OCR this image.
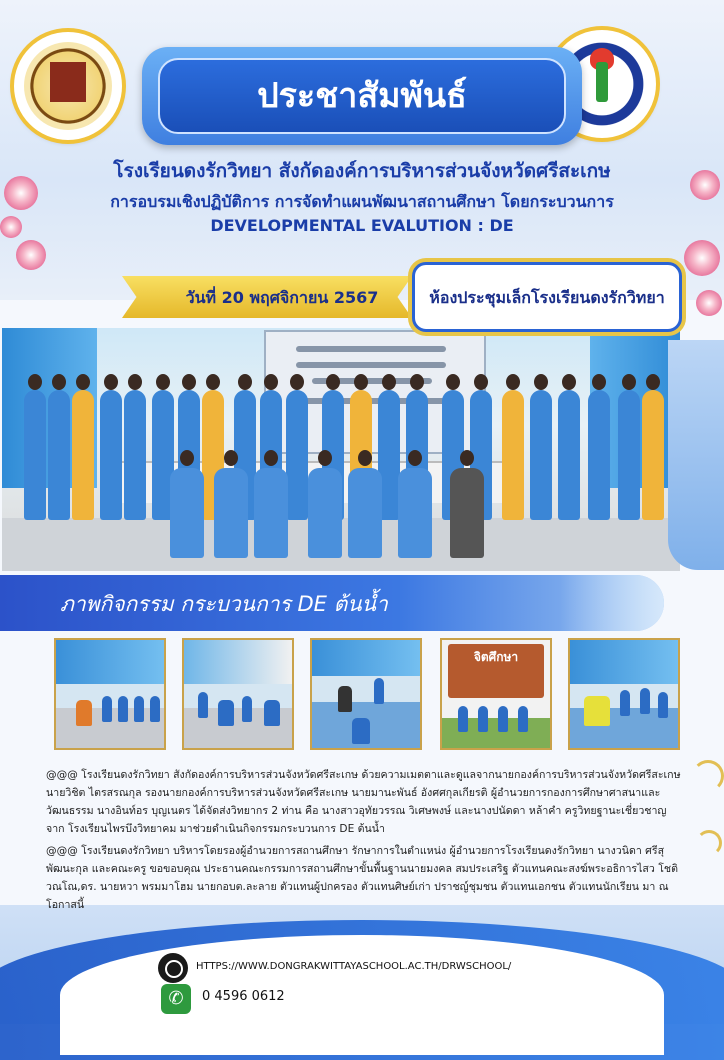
ประชาสัมพันธ์
โรงเรียนดงรักวิทยา สังกัดองค์การบริหารส่วนจังหวัดศรีสะเกษ
การอบรมเชิงปฏิบัติการ การจัดทำแผนพัฒนาสถานศึกษา โดยกระบวนการ
DEVELOPMENTAL EVALUTION : DE
วันที่ 20 พฤศจิกายน 2567	ห้องประชุมเล็กโรงเรียนดงรักวิทยา
ภาพกิจกรรม กระบวนการ DE ต้นน้ำ
จิตศึกษา
@@@ โรงเรียนดงรักวิทยา สังกัดองค์การบริหารส่วนจังหวัดศรีสะเกษ ด้วยความเมตตาและดูแลจากนายกองค์การบริหารส่วนจังหวัดศรีสะเกษ นายวิชิต ไตรสรณกุล รองนายกองค์การบริหารส่วนจังหวัดศรีสะเกษ นายมานะพันธ์ อังศศกุลเกียรติ ผู้อำนวยการกองการศึกษาศาสนาและวัฒนธรรม นางอินท์อร บุญเนตร ได้จัดส่งวิทยากร 2 ท่าน คือ นางสาวอุทัยวรรณ วิเศษพงษ์ และนางปนัดดา หล้าคำ ครูวิทยฐานะเชี่ยวชาญ จาก โรงเรียนไพรบึงวิทยาคม มาช่วยดำเนินกิจกรรมกระบวนการ DE ต้นน้ำ
@@@ โรงเรียนดงรักวิทยา บริหารโดยรองผู้อำนวยการสถานศึกษา รักษาการในตำแหน่ง ผู้อำนวยการโรงเรียนดงรักวิทยา นางวนิดา ศรีสุพัฒนะกุล และคณะครู ขอขอบคุณ ประธานคณะกรรมการสถานศึกษาขั้นพื้นฐานนายมงคล สมประเสริฐ ตัวแทนคณะสงฆ์พระอธิการไสว โชติวณโณ,ดร. นายหวา พรมมาโฮม นายกอบต.ละลาย ตัวแทนผู้ปกครอง ตัวแทนศิษย์เก่า ปราชญ์ชุมชน ตัวแทนเอกชน ตัวแทนนักเรียน มา ณ โอกาสนี้
HTTPS://WWW.DONGRAKWITTAYASCHOOL.AC.TH/DRWSCHOOL/
✆	0 4596 0612
